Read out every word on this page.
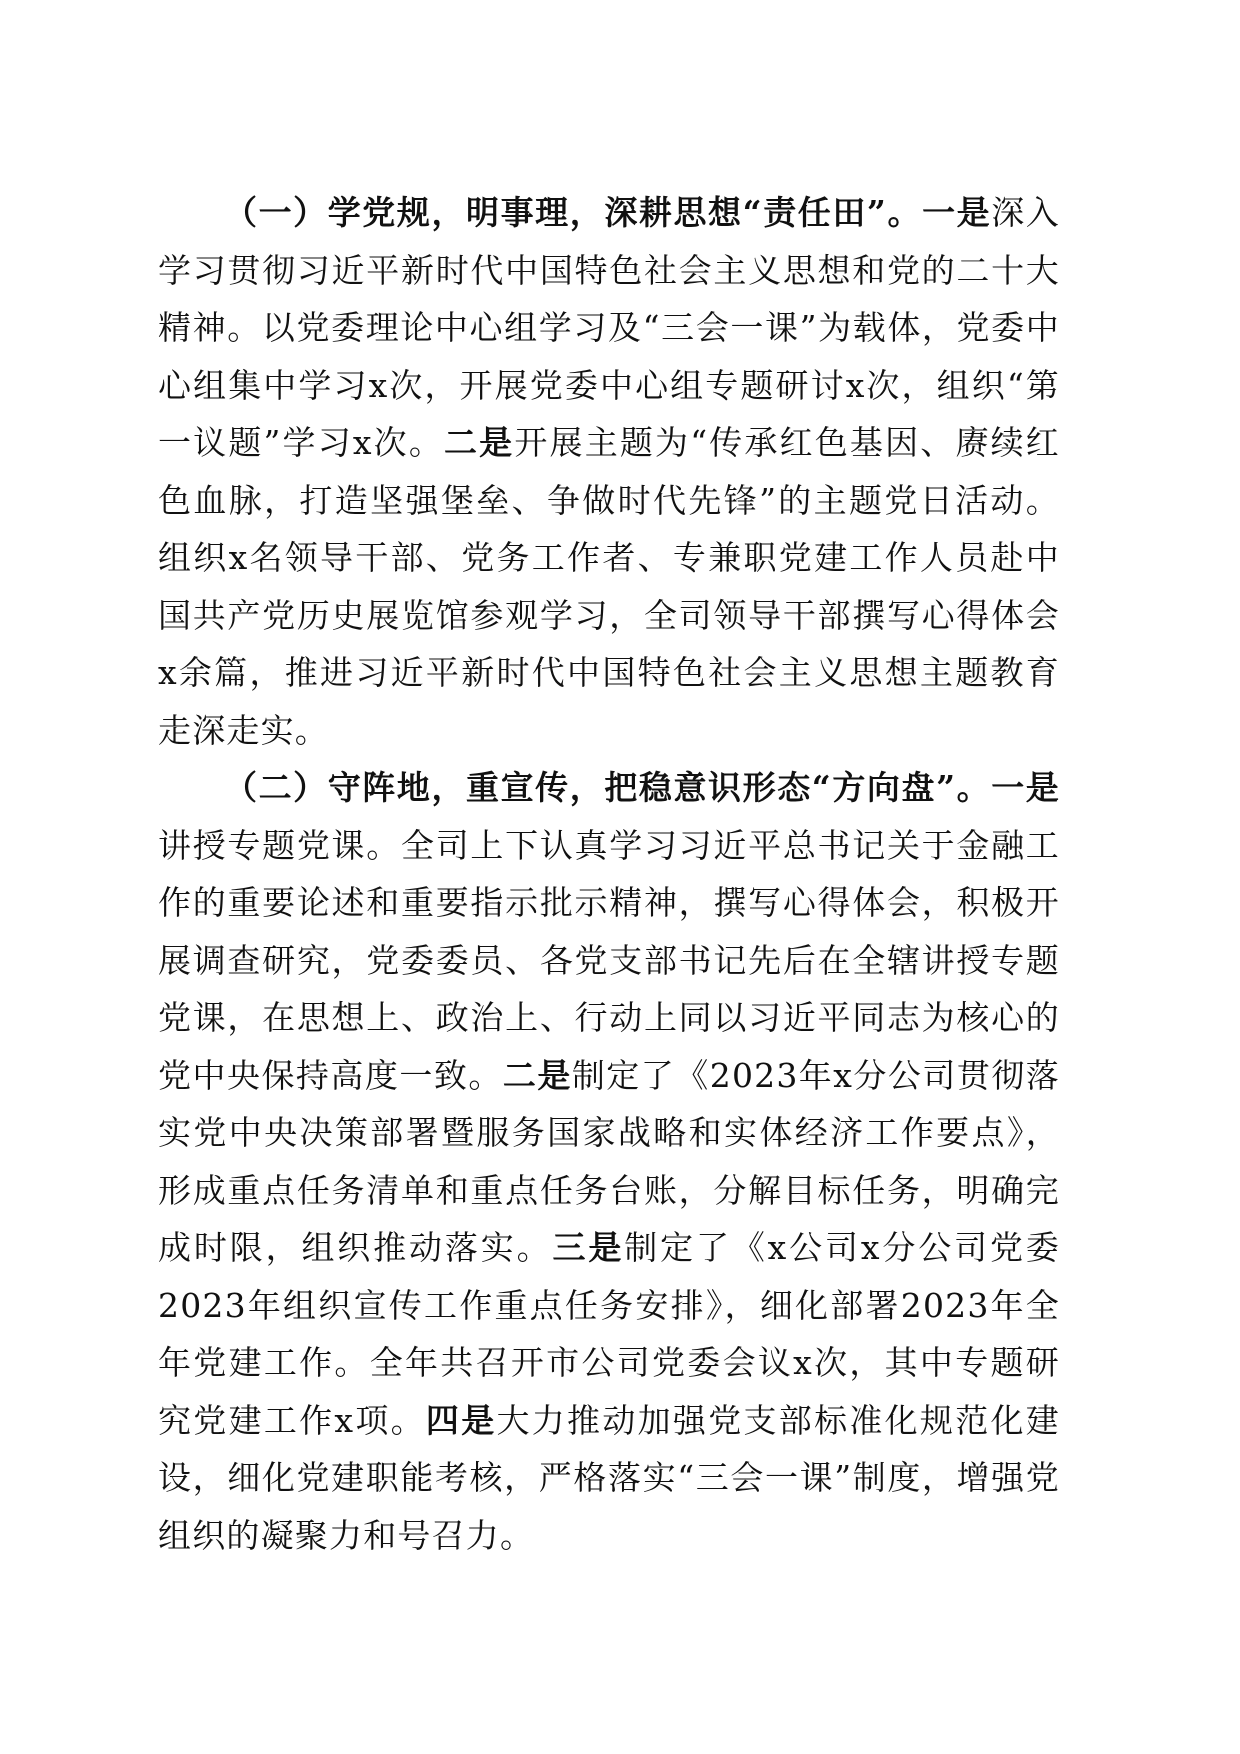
（一）学党规，明事理，深耕思想“责任田”。一是深入学习贯彻习近平新时代中国特色社会主义思想和党的二十大精神。以党委理论中心组学习及“三会一课”为载体，党委中心组集中学习x次，开展党委中心组专题研讨x次，组织“第一议题”学习x次。二是开展主题为“传承红色基因、赓续红色血脉，打造坚强堡垒、争做时代先锋”的主题党日活动。组织x名领导干部、党务工作者、专兼职党建工作人员赴中国共产党历史展览馆参观学习，全司领导干部撰写心得体会x余篇，推进习近平新时代中国特色社会主义思想主题教育走深走实。

（二）守阵地，重宣传，把稳意识形态“方向盘”。一是讲授专题党课。全司上下认真学习习近平总书记关于金融工作的重要论述和重要指示批示精神，撰写心得体会，积极开展调查研究，党委委员、各党支部书记先后在全辖讲授专题党课，在思想上、政治上、行动上同以习近平同志为核心的党中央保持高度一致。二是制定了《2023年x分公司贯彻落实党中央决策部署暨服务国家战略和实体经济工作要点》，形成重点任务清单和重点任务台账，分解目标任务，明确完成时限，组织推动落实。三是制定了《x公司x分公司党委2023年组织宣传工作重点任务安排》，细化部署2023年全年党建工作。全年共召开市公司党委会议x次，其中专题研究党建工作x项。四是大力推动加强党支部标准化规范化建设，细化党建职能考核，严格落实“三会一课”制度，增强党组织的凝聚力和号召力。
